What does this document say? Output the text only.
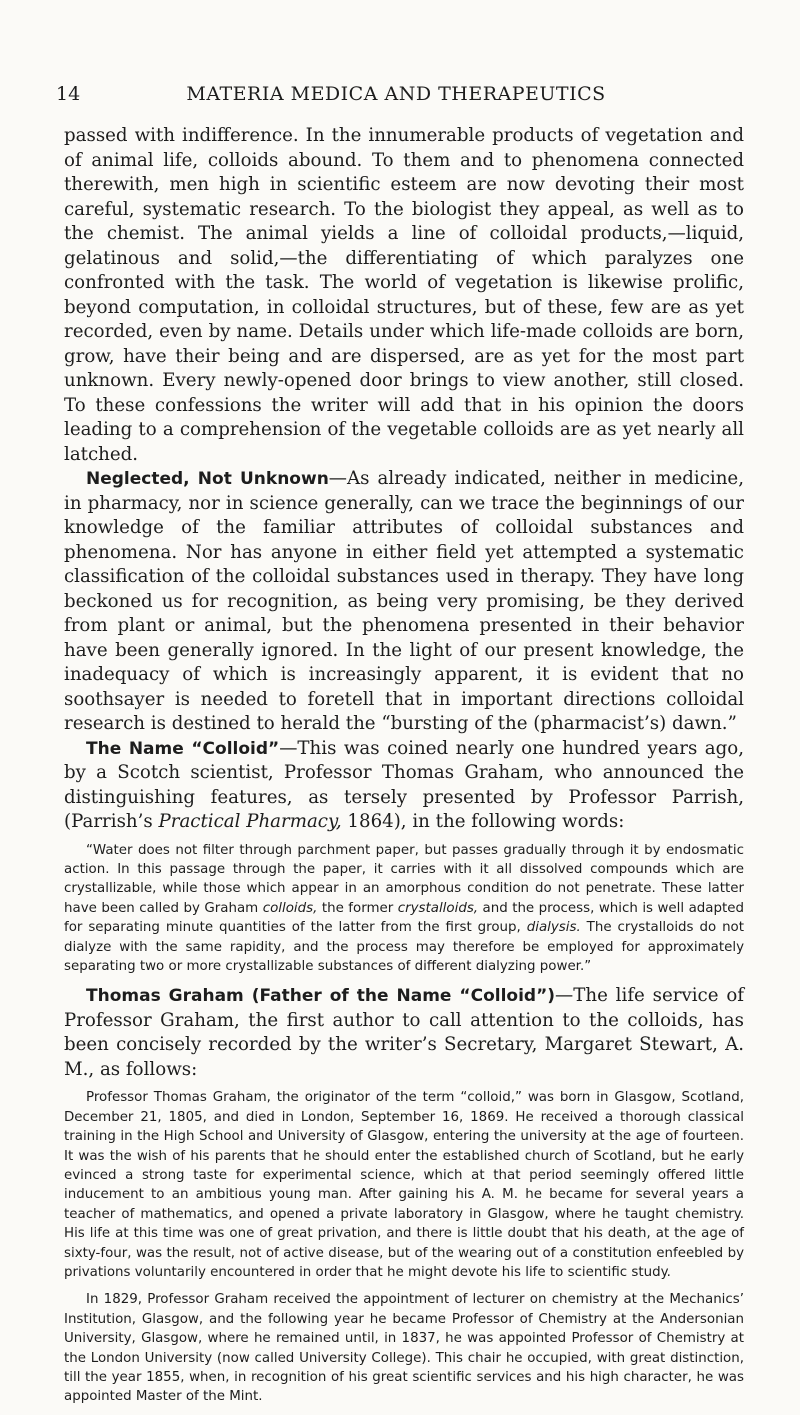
14	MATERIA MEDICA AND THERAPEUTICS

passed with indifference. In the innumerable products of vegetation and of animal life, colloids abound. To them and to phenomena connected therewith, men high in scientific esteem are now devoting their most careful, systematic research. To the biologist they appeal, as well as to the chemist. The animal yields a line of colloidal products,—liquid, gelatinous and solid,—the differentiating of which paralyzes one confronted with the task. The world of vegetation is likewise prolific, beyond computation, in colloidal structures, but of these, few are as yet recorded, even by name. Details under which life-made colloids are born, grow, have their being and are dispersed, are as yet for the most part unknown. Every newly-opened door brings to view another, still closed. To these confessions the writer will add that in his opinion the doors leading to a comprehension of the vegetable colloids are as yet nearly all latched.

Neglected, Not Unknown—As already indicated, neither in medicine, in pharmacy, nor in science generally, can we trace the beginnings of our knowledge of the familiar attributes of colloidal substances and phenomena. Nor has anyone in either field yet attempted a systematic classification of the colloidal substances used in therapy. They have long beckoned us for recognition, as being very promising, be they derived from plant or animal, but the phenomena presented in their behavior have been generally ignored. In the light of our present knowledge, the inadequacy of which is increasingly apparent, it is evident that no soothsayer is needed to foretell that in important directions colloidal research is destined to herald the “bursting of the (pharmacist’s) dawn.”

The Name “Colloid”—This was coined nearly one hundred years ago, by a Scotch scientist, Professor Thomas Graham, who announced the distinguishing features, as tersely presented by Professor Parrish, (Parrish’s Practical Pharmacy, 1864), in the following words:

“Water does not filter through parchment paper, but passes gradually through it by endosmatic action. In this passage through the paper, it carries with it all dissolved compounds which are crystallizable, while those which appear in an amorphous condition do not penetrate. These latter have been called by Graham colloids, the former crystalloids, and the process, which is well adapted for separating minute quantities of the latter from the first group, dialysis. The crystalloids do not dialyze with the same rapidity, and the process may therefore be employed for approximately separating two or more crystallizable substances of different dialyzing power.”

Thomas Graham (Father of the Name “Colloid”)—The life service of Professor Graham, the first author to call attention to the colloids, has been concisely recorded by the writer’s Secretary, Margaret Stewart, A. M., as follows:

Professor Thomas Graham, the originator of the term “colloid,” was born in Glasgow, Scotland, December 21, 1805, and died in London, September 16, 1869. He received a thorough classical training in the High School and University of Glasgow, entering the university at the age of fourteen. It was the wish of his parents that he should enter the established church of Scotland, but he early evinced a strong taste for experimental science, which at that period seemingly offered little inducement to an ambitious young man. After gaining his A. M. he became for several years a teacher of mathematics, and opened a private laboratory in Glasgow, where he taught chemistry. His life at this time was one of great privation, and there is little doubt that his death, at the age of sixty-four, was the result, not of active disease, but of the wearing out of a constitution enfeebled by privations voluntarily encountered in order that he might devote his life to scientific study.

In 1829, Professor Graham received the appointment of lecturer on chemistry at the Mechanics’ Institution, Glasgow, and the following year he became Professor of Chemistry at the Andersonian University, Glasgow, where he remained until, in 1837, he was appointed Professor of Chemistry at the London University (now called University College). This chair he occupied, with great distinction, till the year 1855, when, in recognition of his great scientific services and his high character, he was appointed Master of the Mint.
